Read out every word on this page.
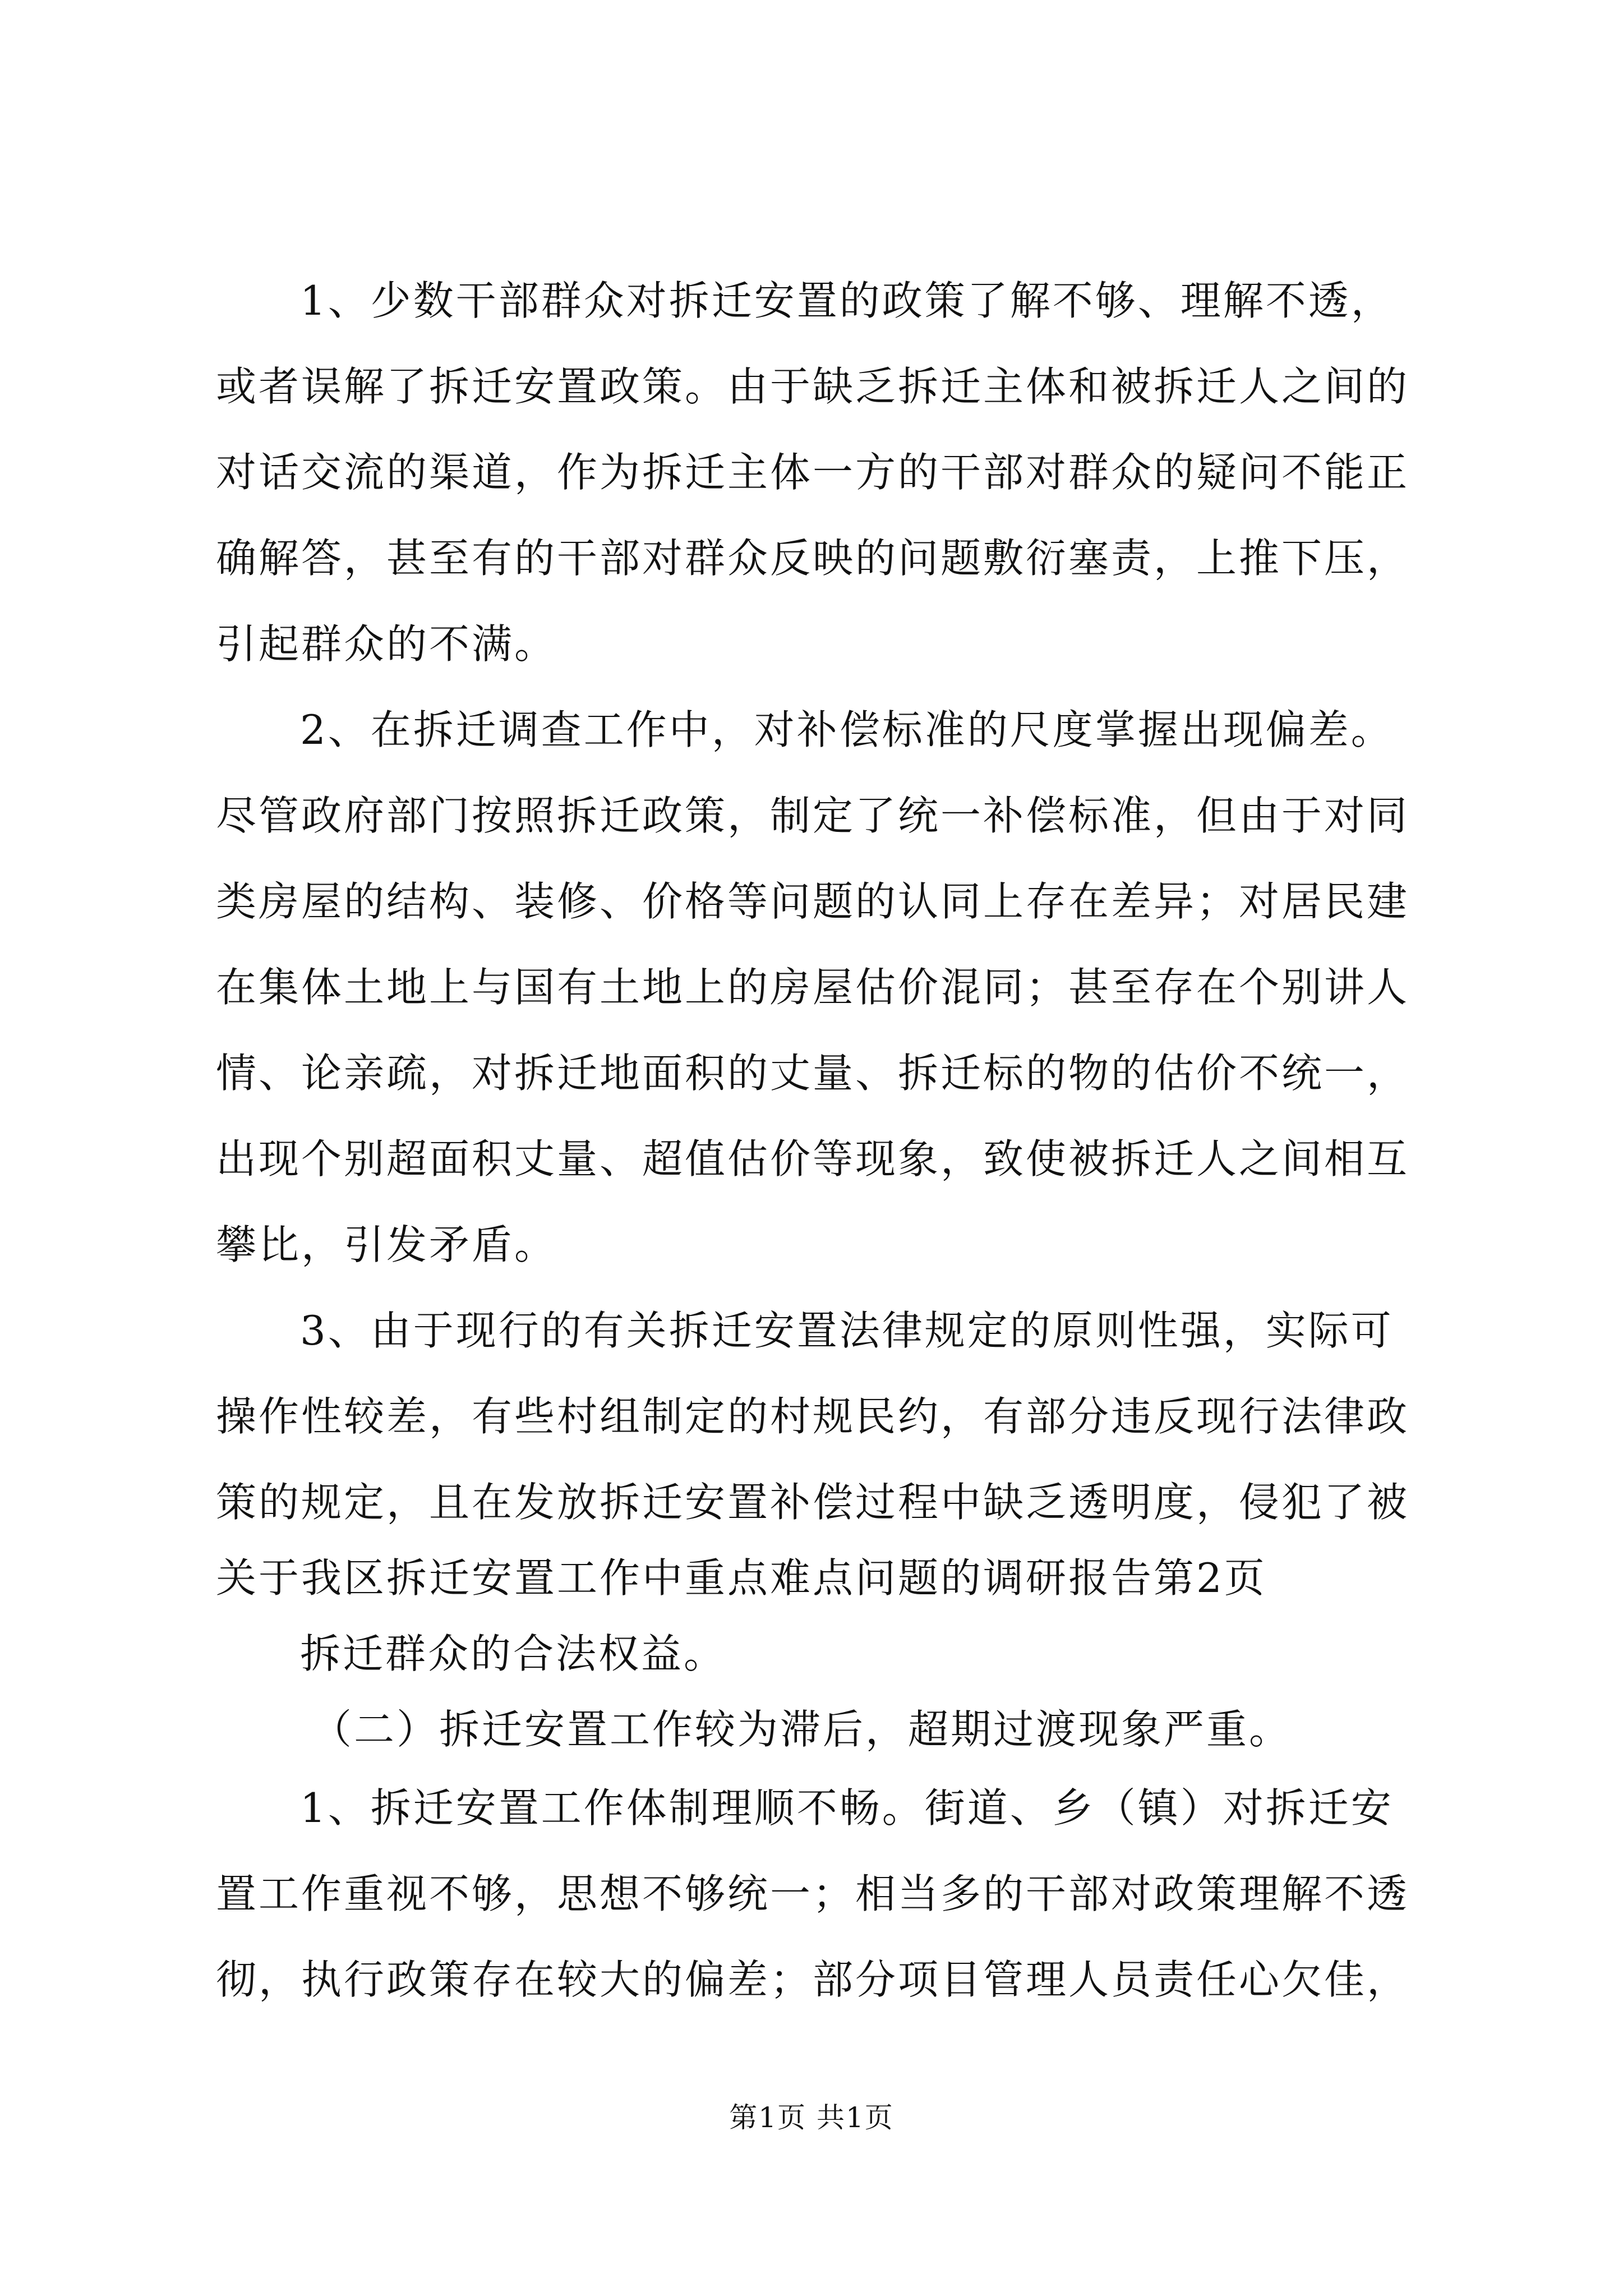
1、少数干部群众对拆迁安置的政策了解不够、理解不透，
或者误解了拆迁安置政策。由于缺乏拆迁主体和被拆迁人之间的
对话交流的渠道，作为拆迁主体一方的干部对群众的疑问不能正
确解答，甚至有的干部对群众反映的问题敷衍塞责，上推下压，
引起群众的不满。
2、在拆迁调查工作中，对补偿标准的尺度掌握出现偏差。
尽管政府部门按照拆迁政策，制定了统一补偿标准，但由于对同
类房屋的结构、装修、价格等问题的认同上存在差异；对居民建
在集体土地上与国有土地上的房屋估价混同；甚至存在个别讲人
情、论亲疏，对拆迁地面积的丈量、拆迁标的物的估价不统一，
出现个别超面积丈量、超值估价等现象，致使被拆迁人之间相互
攀比，引发矛盾。
3、由于现行的有关拆迁安置法律规定的原则性强，实际可
操作性较差，有些村组制定的村规民约，有部分违反现行法律政
策的规定，且在发放拆迁安置补偿过程中缺乏透明度，侵犯了被
关于我区拆迁安置工作中重点难点问题的调研报告第2页
拆迁群众的合法权益。
（二）拆迁安置工作较为滞后，超期过渡现象严重。
1、拆迁安置工作体制理顺不畅。街道、乡（镇）对拆迁安
置工作重视不够，思想不够统一；相当多的干部对政策理解不透
彻，执行政策存在较大的偏差；部分项目管理人员责任心欠佳，
第1页 共1页
